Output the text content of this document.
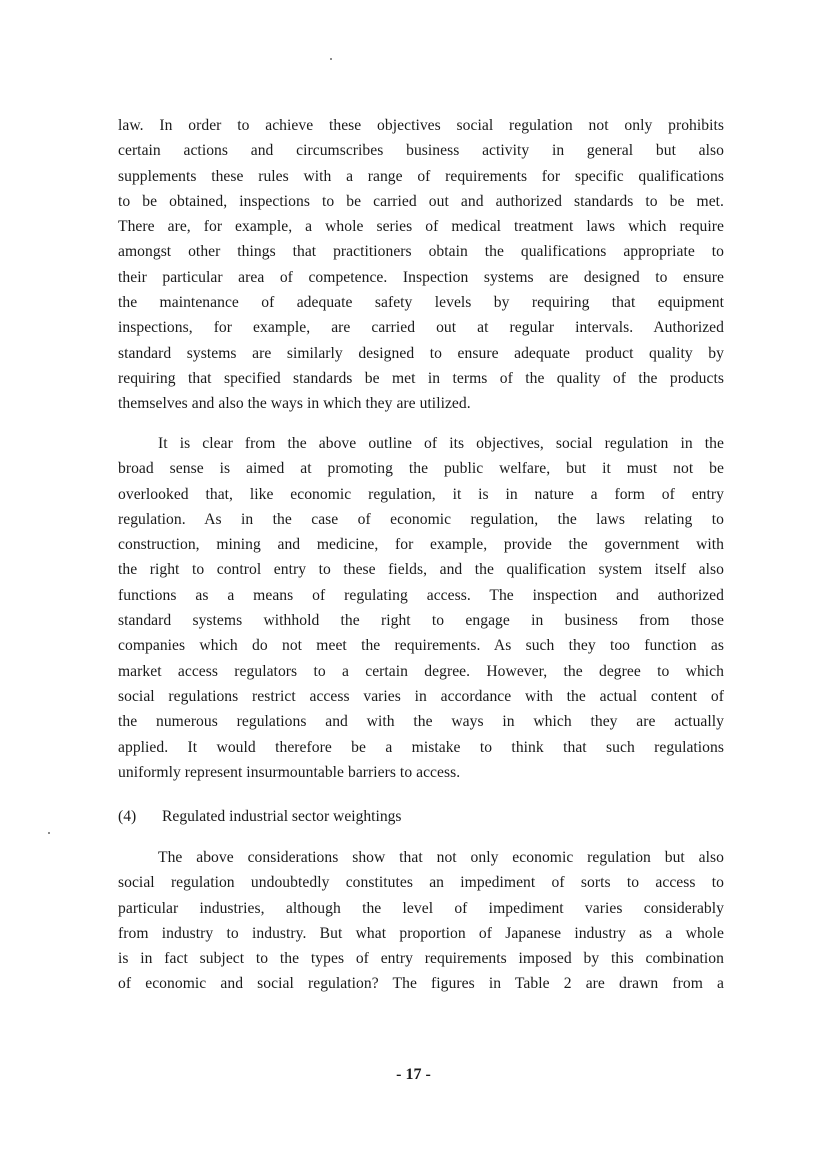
law. In order to achieve these objectives social regulation not only prohibits
certain actions and circumscribes business activity in general but also
supplements these rules with a range of requirements for specific qualifications
to be obtained, inspections to be carried out and authorized standards to be met.
There are, for example, a whole series of medical treatment laws which require
amongst other things that practitioners obtain the qualifications appropriate to
their particular area of competence. Inspection systems are designed to ensure
the maintenance of adequate safety levels by requiring that equipment
inspections, for example, are carried out at regular intervals. Authorized
standard systems are similarly designed to ensure adequate product quality by
requiring that specified standards be met in terms of the quality of the products
themselves and also the ways in which they are utilized.
It is clear from the above outline of its objectives, social regulation in the
broad sense is aimed at promoting the public welfare, but it must not be
overlooked that, like economic regulation, it is in nature a form of entry
regulation. As in the case of economic regulation, the laws relating to
construction, mining and medicine, for example, provide the government with
the right to control entry to these fields, and the qualification system itself also
functions as a means of regulating access. The inspection and authorized
standard systems withhold the right to engage in business from those
companies which do not meet the requirements. As such they too function as
market access regulators to a certain degree. However, the degree to which
social regulations restrict access varies in accordance with the actual content of
the numerous regulations and with the ways in which they are actually
applied. It would therefore be a mistake to think that such regulations
uniformly represent insurmountable barriers to access.
(4) Regulated industrial sector weightings
The above considerations show that not only economic regulation but also
social regulation undoubtedly constitutes an impediment of sorts to access to
particular industries, although the level of impediment varies considerably
from industry to industry. But what proportion of Japanese industry as a whole
is in fact subject to the types of entry requirements imposed by this combination
of economic and social regulation? The figures in Table 2 are drawn from a
- 17 -
